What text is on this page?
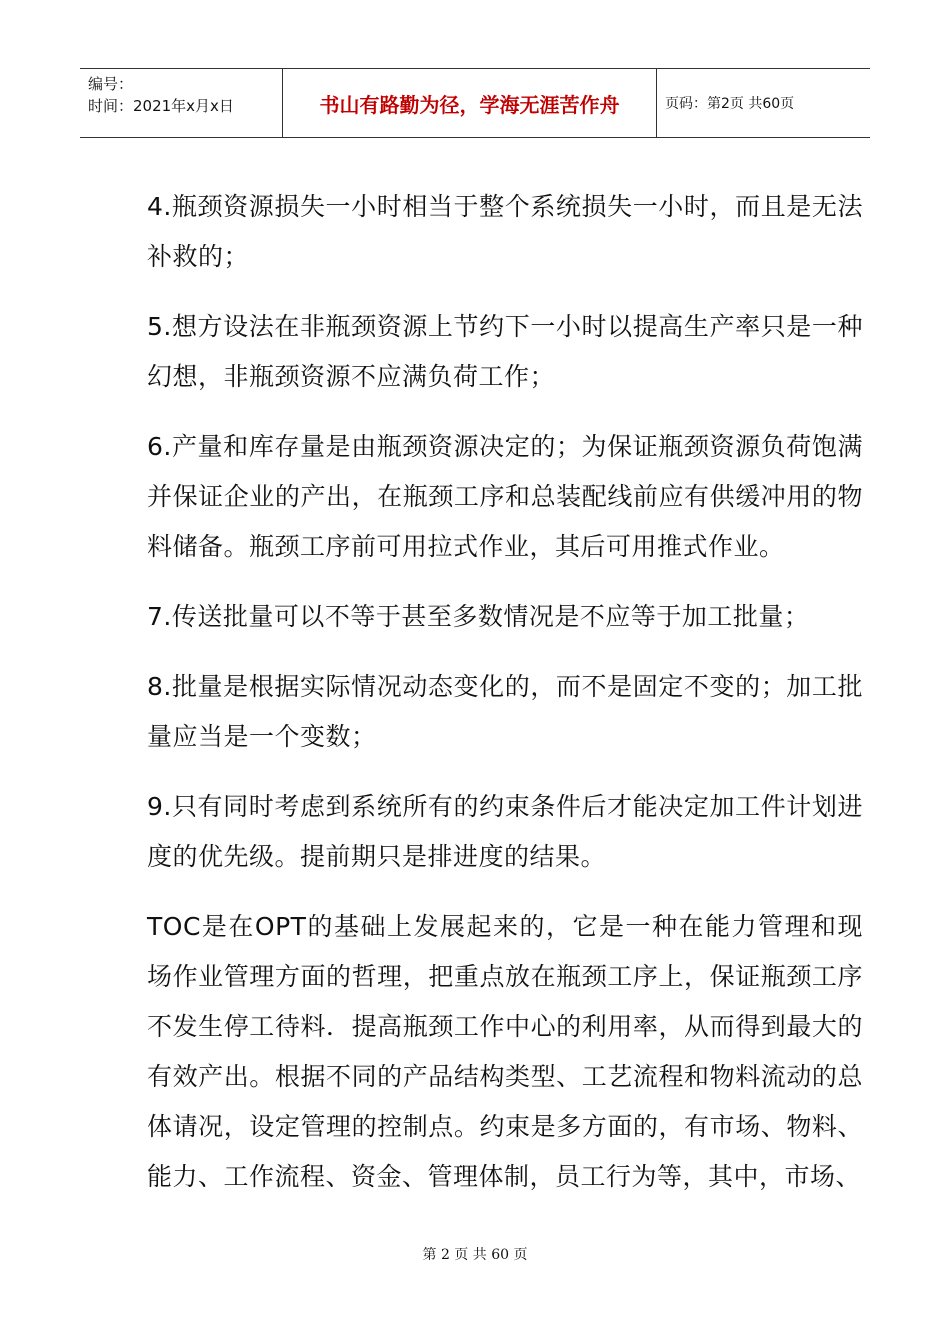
编号：
时间：2021年x月x日	书山有路勤为径，学海无涯苦作舟	页码：第2页 共60页

4.瓶颈资源损失一小时相当于整个系统损失一小时，而且是无法补救的；

5.想方设法在非瓶颈资源上节约下一小时以提高生产率只是一种幻想，非瓶颈资源不应满负荷工作；

6.产量和库存量是由瓶颈资源决定的；为保证瓶颈资源负荷饱满并保证企业的产出，在瓶颈工序和总装配线前应有供缓冲用的物料储备。瓶颈工序前可用拉式作业，其后可用推式作业。

7.传送批量可以不等于甚至多数情况是不应等于加工批量；

8.批量是根据实际情况动态变化的，而不是固定不变的；加工批量应当是一个变数；

9.只有同时考虑到系统所有的约束条件后才能决定加工件计划进度的优先级。提前期只是排进度的结果。

TOC是在OPT的基础上发展起来的，它是一种在能力管理和现场作业管理方面的哲理，把重点放在瓶颈工序上，保证瓶颈工序不发生停工待料．提高瓶颈工作中心的利用率，从而得到最大的有效产出。根据不同的产品结构类型、工艺流程和物料流动的总体请况，设定管理的控制点。约束是多方面的，有市场、物料、能力、工作流程、资金、管理体制，员工行为等，其中，市场、

第 2 页 共 60 页
